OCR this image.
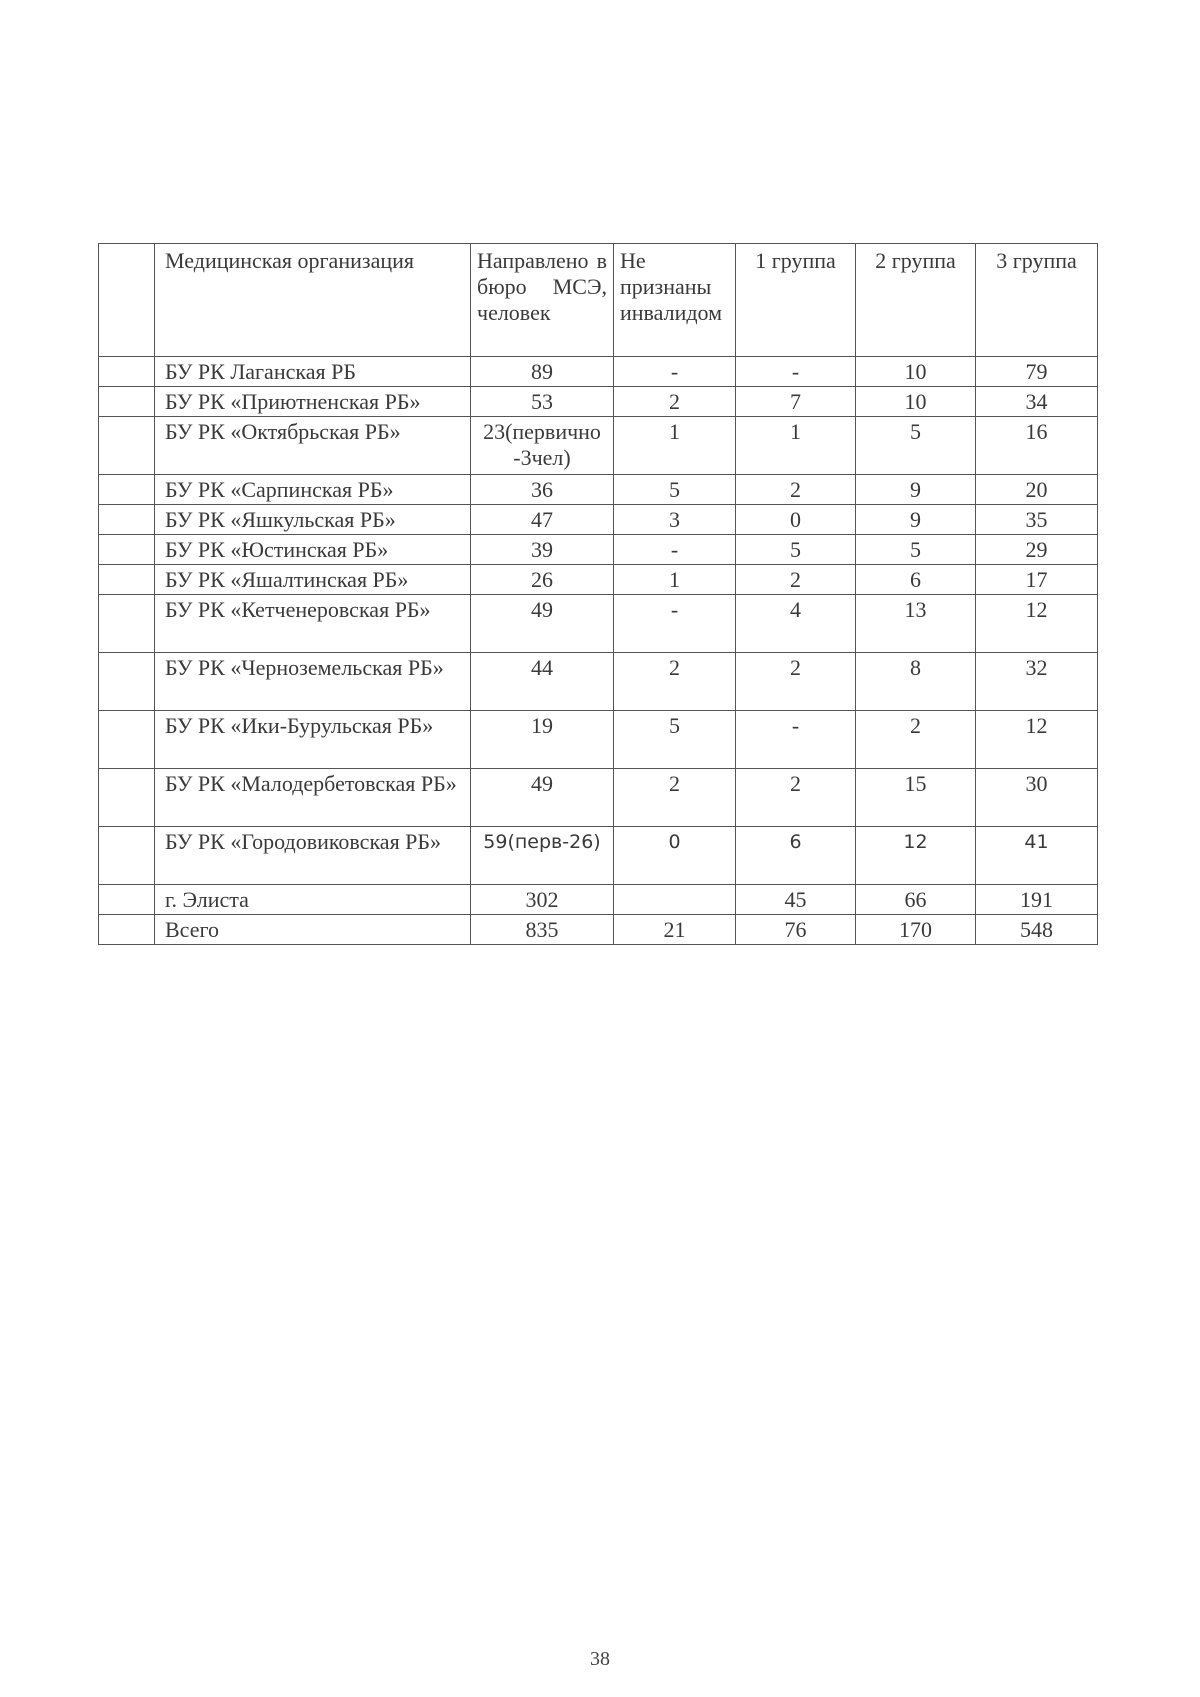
	Медицинская организация	Направлено в бюро МСЭ, человек	Не признаны инвалидом	1 группа	2 группа	3 группа
	БУ РК Лаганская РБ	89	-	-	10	79
	БУ РК «Приютненская РБ»	53	2	7	10	34
	БУ РК «Октябрьская РБ»	23(первично -3чел)	1	1	5	16
	БУ РК «Сарпинская РБ»	36	5	2	9	20
	БУ РК «Яшкульская РБ»	47	3	0	9	35
	БУ РК «Юстинская РБ»	39	-	5	5	29
	БУ РК «Яшалтинская РБ»	26	1	2	6	17
	БУ РК «Кетченеровская РБ»	49	-	4	13	12
	БУ РК «Черноземельская РБ»	44	2	2	8	32
	БУ РК «Ики-Бурульская РБ»	19	5	-	2	12
	БУ РК «Малодербетовская РБ»	49	2	2	15	30
	БУ РК «Городовиковская РБ»	59(перв-26)	0	6	12	41
	г. Элиста	302		45	66	191
	Всего	835	21	76	170	548
38
